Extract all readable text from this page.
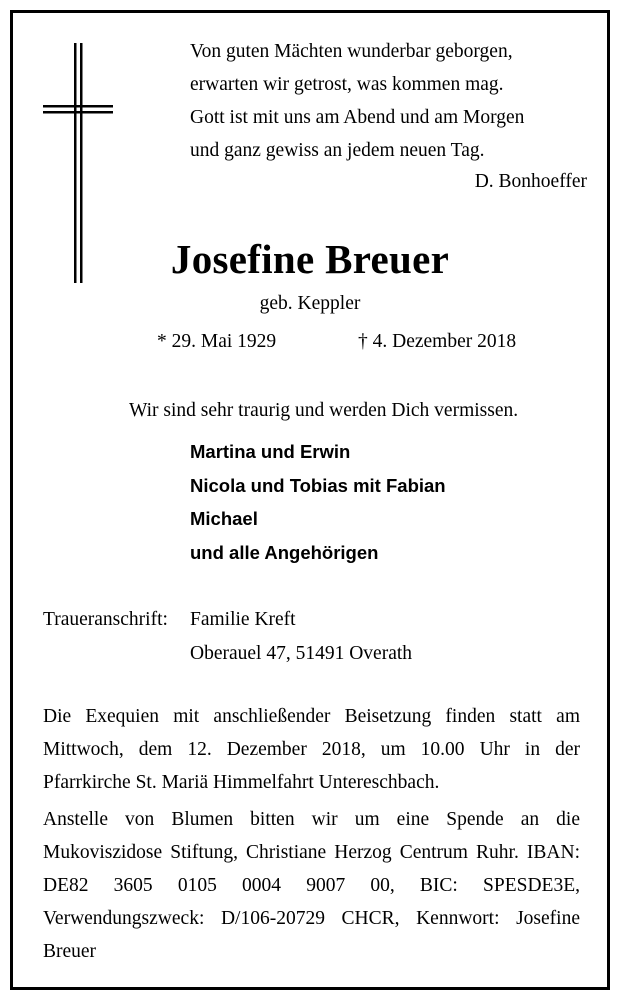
Von guten Mächten wunderbar geborgen,
erwarten wir getrost, was kommen mag.
Gott ist mit uns am Abend und am Morgen
und ganz gewiss an jedem neuen Tag.
D. Bonhoeffer
Josefine Breuer
geb. Keppler
* 29. Mai 1929	† 4. Dezember 2018
Wir sind sehr traurig und werden Dich vermissen.
Martina und Erwin
Nicola und Tobias mit Fabian
Michael
und alle Angehörigen
Traueranschrift: Familie Kreft
Oberauel 47, 51491 Overath
Die Exequien mit anschließender Beisetzung finden statt am Mittwoch, dem 12. Dezember 2018, um 10.00 Uhr in der Pfarrkirche St. Mariä Himmelfahrt Untereschbach.
Anstelle von Blumen bitten wir um eine Spende an die Mukoviszidose Stiftung, Christiane Herzog Centrum Ruhr. IBAN: DE82 3605 0105 0004 9007 00, BIC: SPESDE3E, Verwendungszweck: D/106-20729 CHCR, Kennwort: Josefine Breuer
